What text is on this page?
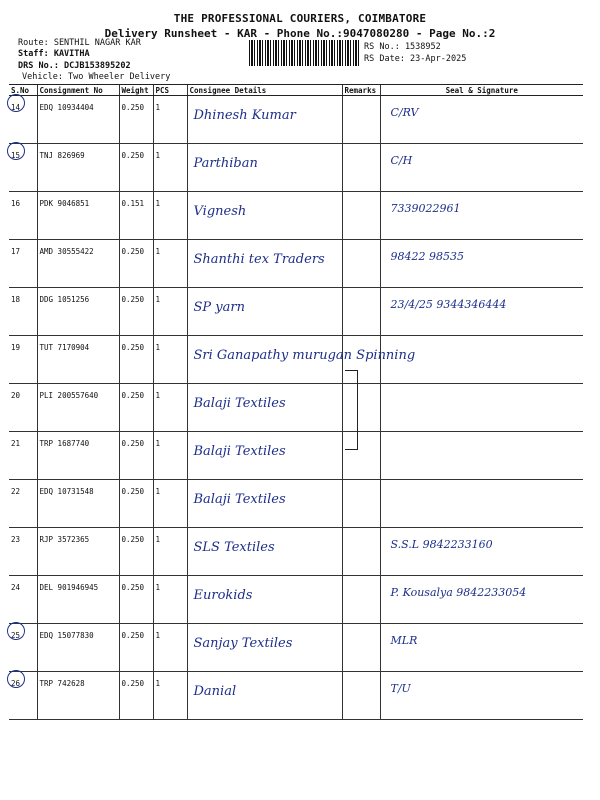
THE PROFESSIONAL COURIERS, COIMBATORE
Delivery Runsheet - KAR - Phone No.:9047080280 - Page No.:2
Route: SENTHIL NAGAR KAR
Staff: KAVITHA
DRS No.: DCJB153895202
Vehicle: Two Wheeler Delivery
RS No.: 1538952
RS Date: 23-Apr-2025
S.No	Consignment No	Weight	PCS	Consignee Details	Remarks	Seal & Signature

14	EDQ 10934404	0.250	1	Dhinesh Kumar		C/RV

15	TNJ 826969	0.250	1	Parthiban		C/H

16	PDK 9046851	0.151	1	Vignesh		7339022961

17	AMD 30555422	0.250	1	Shanthi tex Traders		98422 98535

18	DDG 1051256	0.250	1	SP yarn		23/4/25 9344346444

19	TUT 7170904	0.250	1	Sri Ganapathy murugan Spinning		

20	PLI 200557640	0.250	1	Balaji Textiles		

21	TRP 1687740	0.250	1	Balaji Textiles		

22	EDQ 10731548	0.250	1	Balaji Textiles		

23	RJP 3572365	0.250	1	SLS Textiles		S.S.L 9842233160

24	DEL 901946945	0.250	1	Eurokids		P. Kousalya 9842233054

25	EDQ 15077830	0.250	1	Sanjay Textiles		MLR

26	TRP 742628	0.250	1	Danial		T/U
